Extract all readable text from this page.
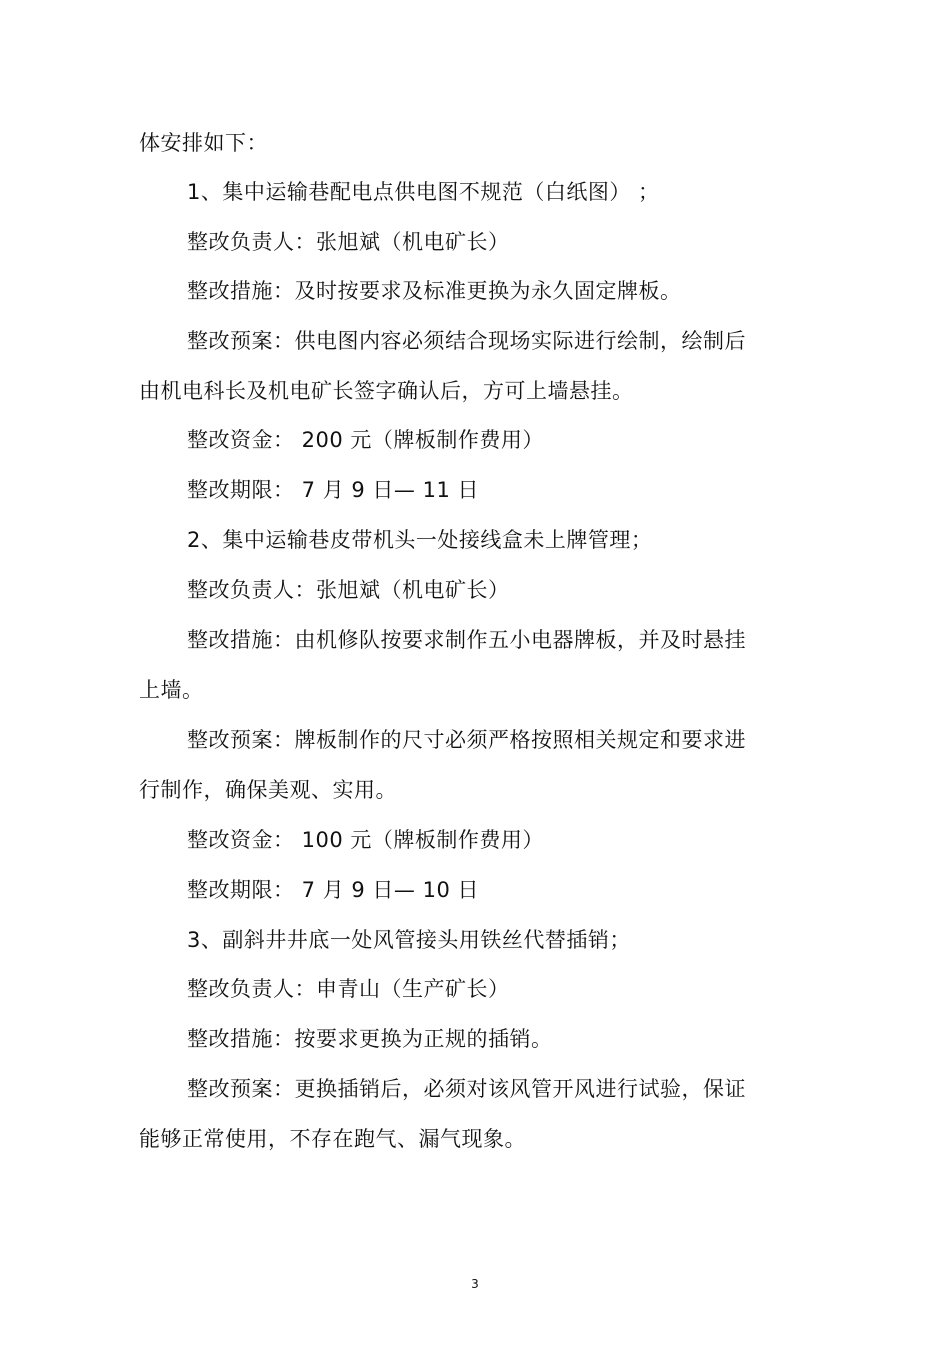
体安排如下：
1、集中运输巷配电点供电图不规范（白纸图） ；
整改负责人：张旭斌（机电矿长）
整改措施：及时按要求及标准更换为永久固定牌板。
整改预案：供电图内容必须结合现场实际进行绘制，绘制后
由机电科长及机电矿长签字确认后，方可上墙悬挂。
整改资金： 200 元（牌板制作费用）
整改期限： 7 月 9 日— 11 日
2、集中运输巷皮带机头一处接线盒未上牌管理；
整改负责人：张旭斌（机电矿长）
整改措施：由机修队按要求制作五小电器牌板，并及时悬挂
上墙。
整改预案：牌板制作的尺寸必须严格按照相关规定和要求进
行制作，确保美观、实用。
整改资金： 100 元（牌板制作费用）
整改期限： 7 月 9 日— 10 日
3、副斜井井底一处风管接头用铁丝代替插销；
整改负责人：申青山（生产矿长）
整改措施：按要求更换为正规的插销。
整改预案：更换插销后，必须对该风管开风进行试验，保证
能够正常使用，不存在跑气、漏气现象。
3
